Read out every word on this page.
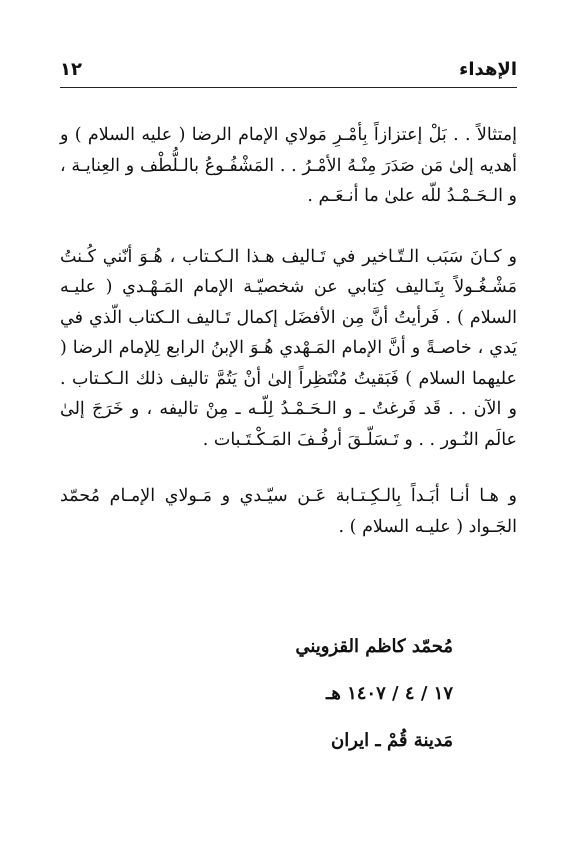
الإهداء
١٢

إمتثالاً . . بَلْ إعتزازاً بِأمْـرِ مَولاي الإمام الرضا ( عليه السلام ) و أهديه إلىٰ مَن صَدَرَ مِنْـهُ الأمْـرُ . . المَشْفُـوعُ بالـلُّطْف و العِنايـة ، و الـحَـمْـدُ للّه علىٰ ما أنـعَـم .

و كـانَ سَبَب الـتّـاخير في تَـاليف هـذا الـكـتاب ، هُـوَ أنّني كُـنتُ مَشْـغُـولاً بِتَـاليف كِتابي عن شخصيّـة الإمام المَـهْـدي ( عليـه السلام ) . فَرأيتُ أنَّ مِن الأفضَل إكمال تَـاليف الـكتاب الّذي في يَدي ، خاصـةً و أنَّ الإمام المَـهْدي هُـوَ الإبنُ الرابع لِلإمام الرضا ( عليهما السلام ) فَبَقيتُ مُنْتَظِراً إلىٰ أنْ يَتُمَّ تاليف ذلك الـكـتاب . و الآن . . قَد فَرغتُ ـ و الـحَـمْـدُ لِلّـه ـ مِنْ تاليفه ، و خَرَجَ إلىٰ عالَم النُـور . . و تَـسَلّـقَ أرفُـفَ المَـكْـتَـبات .

و هـا أنـا أبَـداً بِالـكِـتـابة عَـن سيّـدي و مَـولاي الإمـام مُحمّد الجَـواد ( عليـه السلام ) .

مُحمّد كاظم القزويني
١٧ / ٤ / ١٤٠٧ هـ
مَدينة قُمْ ـ ايران
